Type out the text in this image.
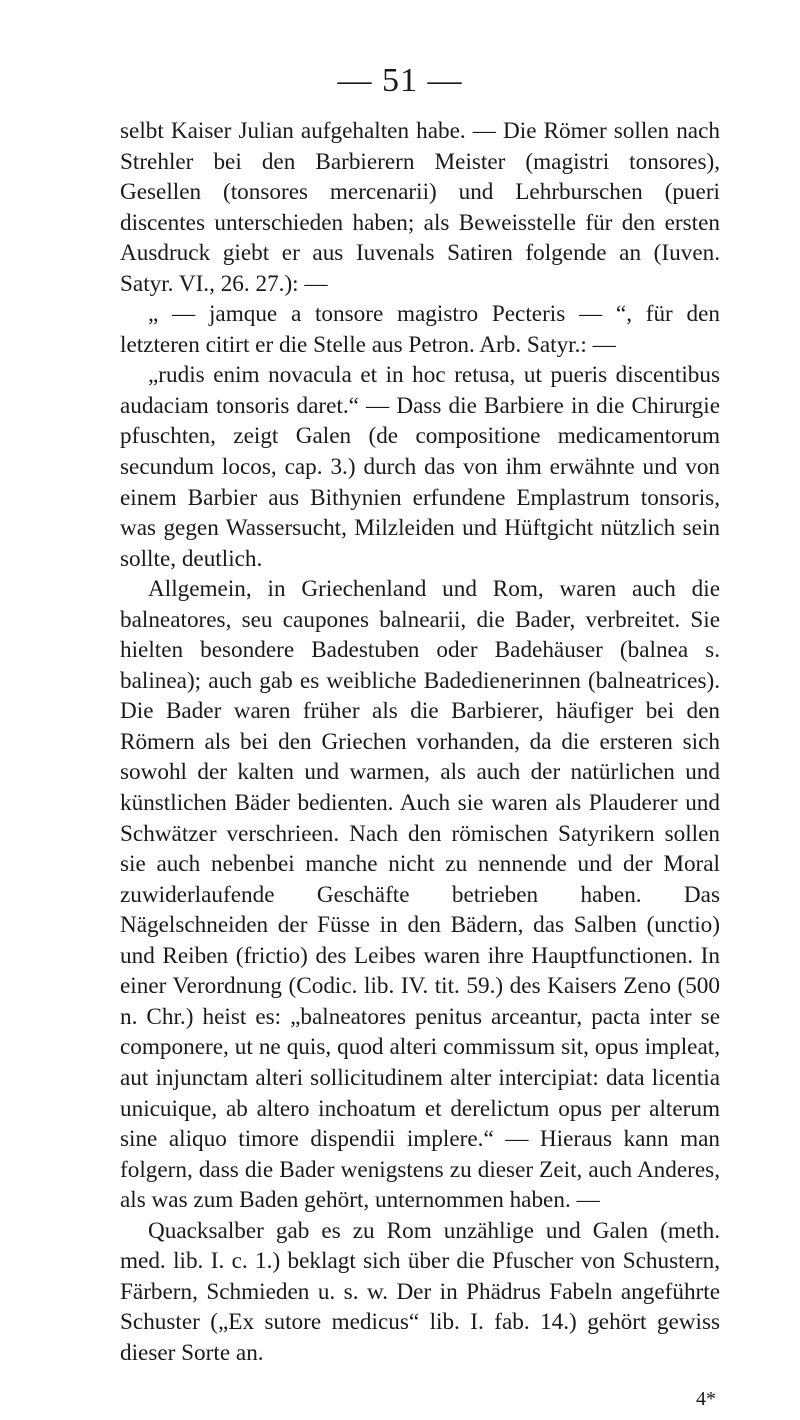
— 51 —

selbt Kaiser Julian aufgehalten habe. — Die Römer sollen nach Strehler bei den Barbierern Meister (magistri tonsores), Gesellen (tonsores mercenarii) und Lehrburschen (pueri discentes unterschieden haben; als Beweisstelle für den ersten Ausdruck giebt er aus Iuvenals Satiren folgende an (Iuven. Satyr. VI., 26. 27.): —

„ — jamque a tonsore magistro Pecteris — “, für den letzteren citirt er die Stelle aus Petron. Arb. Satyr.: —

„rudis enim novacula et in hoc retusa, ut pueris discentibus audaciam tonsoris daret.“ — Dass die Barbiere in die Chirurgie pfuschten, zeigt Galen (de compositione medicamentorum secundum locos, cap. 3.) durch das von ihm erwähnte und von einem Barbier aus Bithynien erfundene Emplastrum tonsoris, was gegen Wassersucht, Milzleiden und Hüftgicht nützlich sein sollte, deutlich.

Allgemein, in Griechenland und Rom, waren auch die balneatores, seu caupones balnearii, die Bader, verbreitet. Sie hielten besondere Badestuben oder Badehäuser (balnea s. balinea); auch gab es weibliche Badedienerinnen (balneatrices). Die Bader waren früher als die Barbierer, häufiger bei den Römern als bei den Griechen vorhanden, da die ersteren sich sowohl der kalten und warmen, als auch der natürlichen und künstlichen Bäder bedienten. Auch sie waren als Plauderer und Schwätzer verschrieen. Nach den römischen Satyrikern sollen sie auch nebenbei manche nicht zu nennende und der Moral zuwiderlaufende Geschäfte betrieben haben. Das Nägelschneiden der Füsse in den Bädern, das Salben (unctio) und Reiben (frictio) des Leibes waren ihre Hauptfunctionen. In einer Verordnung (Codic. lib. IV. tit. 59.) des Kaisers Zeno (500 n. Chr.) heist es: „balneatores penitus arceantur, pacta inter se componere, ut ne quis, quod alteri commissum sit, opus impleat, aut injunctam alteri sollicitudinem alter intercipiat: data licentia unicuique, ab altero inchoatum et derelictum opus per alterum sine aliquo timore dispendii implere.“ — Hieraus kann man folgern, dass die Bader wenigstens zu dieser Zeit, auch Anderes, als was zum Baden gehört, unternommen haben. —

Quacksalber gab es zu Rom unzählige und Galen (meth. med. lib. I. c. 1.) beklagt sich über die Pfuscher von Schustern, Färbern, Schmieden u. s. w. Der in Phädrus Fabeln angeführte Schuster („Ex sutore medicus“ lib. I. fab. 14.) gehört gewiss dieser Sorte an.

4*
